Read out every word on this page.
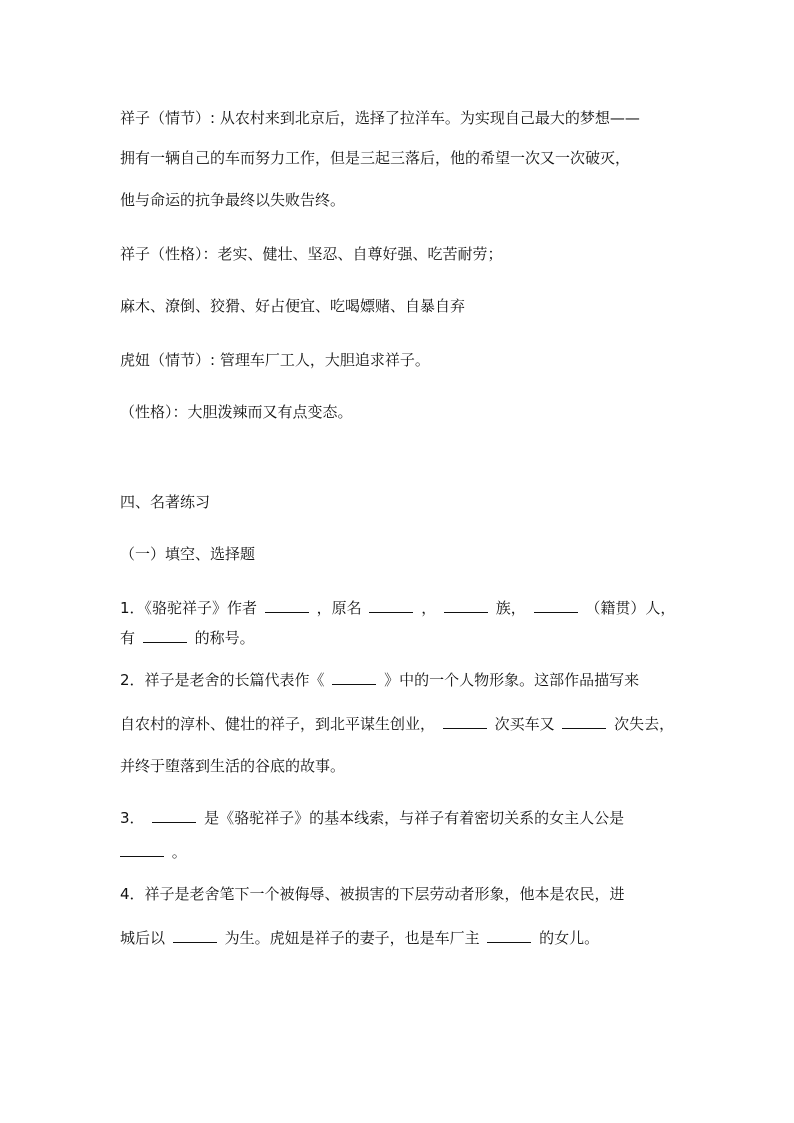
祥子（情节）: 从农村来到北京后，选择了拉洋车。为实现自己最大的梦想——
拥有一辆自己的车而努力工作，但是三起三落后，他的希望一次又一次破灭，
他与命运的抗争最终以失败告终。
祥子（性格）：老实、健壮、坚忍、自尊好强、吃苦耐劳；
麻木、潦倒、狡猾、好占便宜、吃喝嫖赌、自暴自弃
虎妞（情节）: 管理车厂工人，大胆追求祥子。
（性格）：大胆泼辣而又有点变态。
四、名著练习
（一）填空、选择题
1．《骆驼祥子》作者	，原名	，	族，	（籍贯）人，
有	的称号。
2．祥子是老舍的长篇代表作《	》中的一个人物形象。这部作品描写来
自农村的淳朴、健壮的祥子，到北平谋生创业，	次买车又	次失去，
并终于堕落到生活的谷底的故事。
3．	是《骆驼祥子》的基本线索，与祥子有着密切关系的女主人公是
。
4．祥子是老舍笔下一个被侮辱、被损害的下层劳动者形象，他本是农民，进
城后以	为生。虎妞是祥子的妻子，也是车厂主	的女儿。
